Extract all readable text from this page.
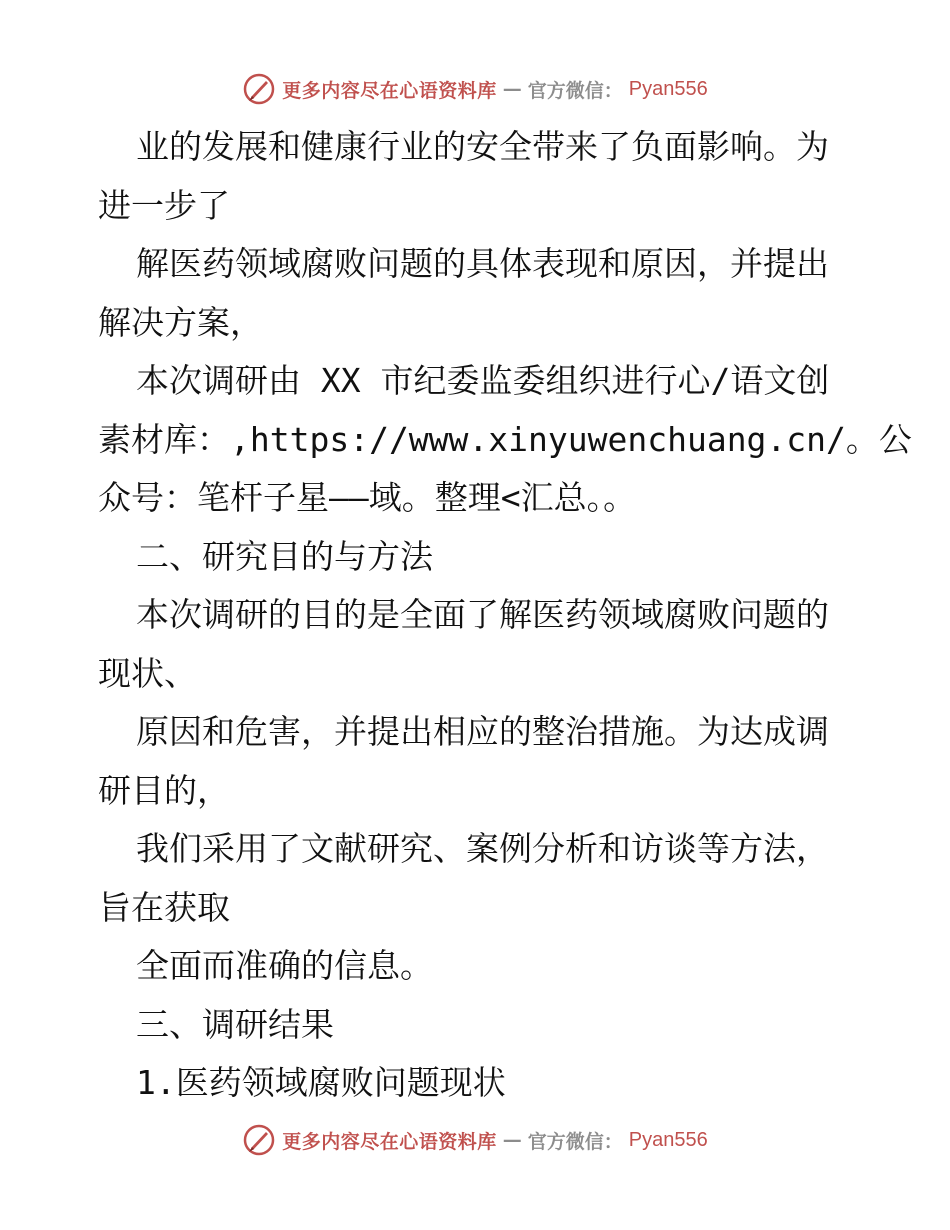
更多内容尽在心语资料库 — 官方微信： Pyan556
业的发展和健康行业的安全带来了负面影响。为
进一步了
解医药领域腐败问题的具体表现和原因，并提出
解决方案，
本次调研由 XX 市纪委监委组织进行心/语文创
素材库：,https://www.xinyuwenchuang.cn/。公
众号：笔杆子星——域。整理<汇总。。
二、研究目的与方法
本次调研的目的是全面了解医药领域腐败问题的
现状、
原因和危害，并提出相应的整治措施。为达成调
研目的，
我们采用了文献研究、案例分析和访谈等方法，
旨在获取
全面而准确的信息。
三、调研结果
1.医药领域腐败问题现状
更多内容尽在心语资料库 — 官方微信： Pyan556
